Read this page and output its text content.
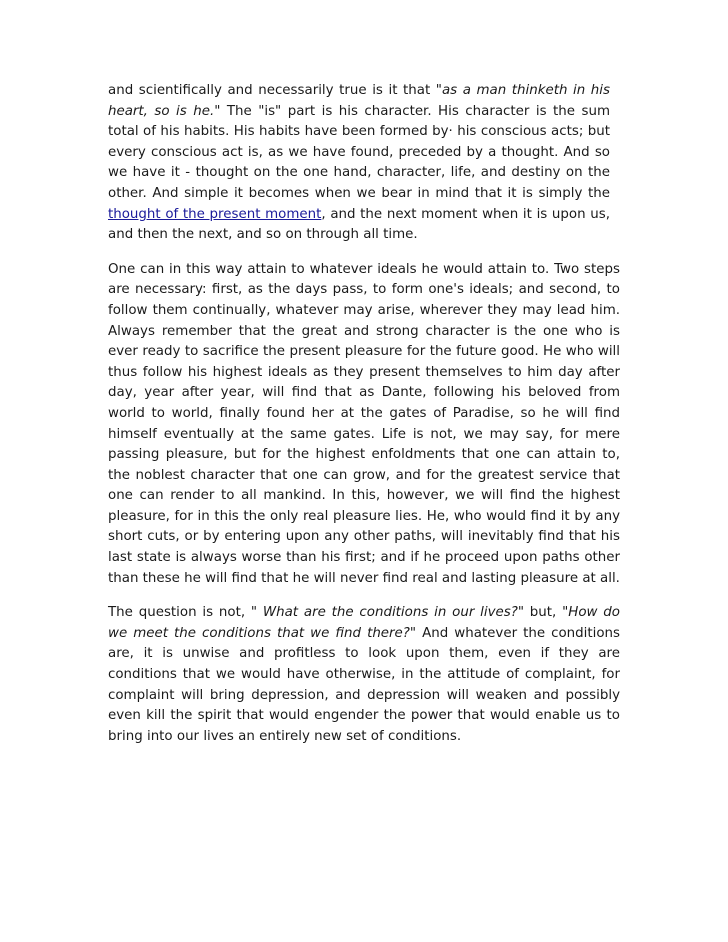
and scientifically and necessarily true is it that "as a man thinketh in his heart, so is he." The "is" part is his character. His character is the sum total of his habits. His habits have been formed by· his conscious acts; but every conscious act is, as we have found, preceded by a thought. And so we have it - thought on the one hand, character, life, and destiny on the other. And simple it becomes when we bear in mind that it is simply the thought of the present moment, and the next moment when it is upon us, and then the next, and so on through all time.

One can in this way attain to whatever ideals he would attain to. Two steps are necessary: first, as the days pass, to form one's ideals; and second, to follow them continually, whatever may arise, wherever they may lead him. Always remember that the great and strong character is the one who is ever ready to sacrifice the present pleasure for the future good. He who will thus follow his highest ideals as they present themselves to him day after day, year after year, will find that as Dante, following his beloved from world to world, finally found her at the gates of Paradise, so he will find himself eventually at the same gates. Life is not, we may say, for mere passing pleasure, but for the highest enfoldments that one can attain to, the noblest character that one can grow, and for the greatest service that one can render to all mankind. In this, however, we will find the highest pleasure, for in this the only real pleasure lies. He, who would find it by any short cuts, or by entering upon any other paths, will inevitably find that his last state is always worse than his first; and if he proceed upon paths other than these he will find that he will never find real and lasting pleasure at all.

The question is not, " What are the conditions in our lives?" but, "How do we meet the conditions that we find there?" And whatever the conditions are, it is unwise and profitless to look upon them, even if they are conditions that we would have otherwise, in the attitude of complaint, for complaint will bring depression, and depression will weaken and possibly even kill the spirit that would engender the power that would enable us to bring into our lives an entirely new set of conditions.
